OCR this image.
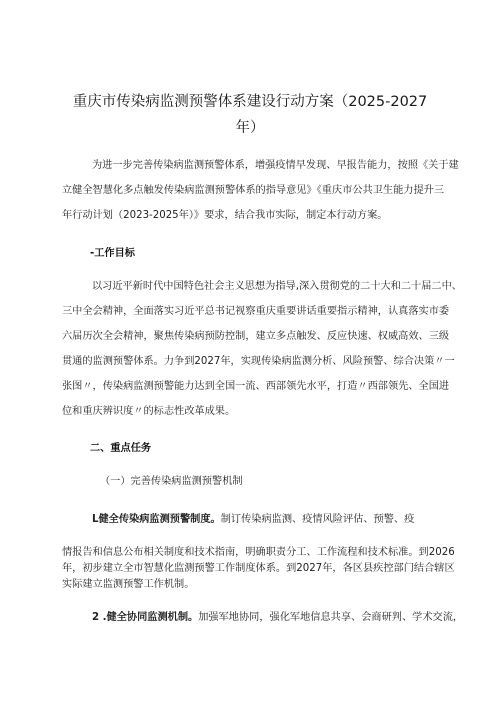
重庆市传染病监测预警体系建设行动方案（2025-2027
年）
为进一步完善传染病监测预警体系，增强疫情早发现、早报告能力，按照《关于建
立健全智慧化多点触发传染病监测预警体系的指导意见》《重庆市公共卫生能力提升三
年行动计划（2023-2025年）》要求，结合我市实际，制定本行动方案。
-工作目标
以习近平新时代中国特色社会主义思想为指导,深入贯彻党的二十大和二十届二中、
三中全会精神，全面落实习近平总书记视察重庆重要讲话重要指示精神，认真落实市委
六届历次全会精神，聚焦传染病预防控制，建立多点触发、反应快速、权威高效、三级
贯通的监测预警体系。力争到2027年，实现传染病监测分析、风险预警、综合决策〃一
张图〃，传染病监测预警能力达到全国一流、西部领先水平，打造〃西部领先、全国进
位和重庆辨识度〃的标志性改革成果。
二、重点任务
（一）完善传染病监测预警机制
L健全传染病监测预警制度。制订传染病监测、疫情风险评估、预警、疫
情报告和信息公布相关制度和技术指南，明确职责分工、工作流程和技术标准。到2026
年，初步建立全市智慧化监测预警工作制度体系。到2027年，各区县疾控部门结合辖区
实际建立监测预警工作机制。
2 .健全协同监测机制。加强军地协同，强化军地信息共享、会商研判、学术交流，
